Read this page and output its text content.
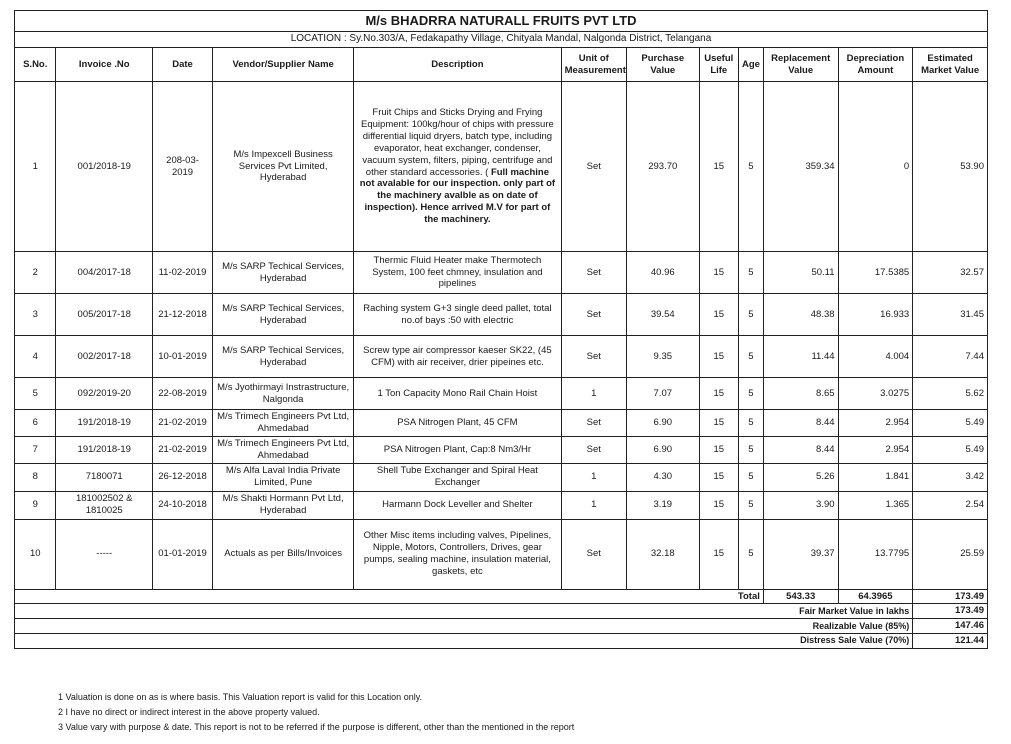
M/s BHADRRA NATURALL FRUITS PVT LTD											
LOCATION : Sy.No.303/A, Fedakapathy Village, Chityala Mandal, Nalgonda District, Telangana											
S.No.	Invoice .No	Date	Vendor/Supplier Name	Description	Unit of Measurement	Purchase Value	Useful Life	Age	Replacement Value	Depreciation Amount	Estimated Market Value
1	001/2018-19	208-03-2019	M/s Impexcell Business Services Pvt Limited, Hyderabad	Fruit Chips and Sticks Drying and Frying Equipment: 100kg/hour of chips with pressure differential liquid dryers, batch type, including evaporator, heat exchanger, condenser, vacuum system, filters, piping, centrifuge and other standard accessories. ( Full machine not avalable for our inspection. only part of the machinery avalble as on date of inspection). Hence arrived M.V for part of the machinery.	Set	293.70	15	5	359.34	0	53.90
2	004/2017-18	11-02-2019	M/s SARP Techical Services, Hyderabad	Thermic Fluid Heater make Thermotech System, 100 feet chmney, insulation and pipelines	Set	40.96	15	5	50.11	17.5385	32.57
3	005/2017-18	21-12-2018	M/s SARP Techical Services, Hyderabad	Raching system G+3 single deed pallet, total no.of bays :50 with electric	Set	39.54	15	5	48.38	16.933	31.45
4	002/2017-18	10-01-2019	M/s SARP Techical Services, Hyderabad	Screw type air compressor kaeser SK22, (45 CFM) with air receiver, drier pipeines etc.	Set	9.35	15	5	11.44	4.004	7.44
5	092/2019-20	22-08-2019	M/s Jyothirmayi Instrastructure, Nalgonda	1 Ton Capacity Mono Rail Chain Hoist	1	7.07	15	5	8.65	3.0275	5.62
6	191/2018-19	21-02-2019	M/s Trimech Engineers Pvt Ltd, Ahmedabad	PSA Nitrogen Plant, 45 CFM	Set	6.90	15	5	8.44	2.954	5.49
7	191/2018-19	21-02-2019	M/s Trimech Engineers Pvt Ltd, Ahmedabad	PSA Nitrogen Plant, Cap:8 Nm3/Hr	Set	6.90	15	5	8.44	2.954	5.49
8	7180071	26-12-2018	M/s Alfa Laval India Private Limited, Pune	Shell Tube Exchanger and Spiral Heat Exchanger	1	4.30	15	5	5.26	1.841	3.42
9	181002502 & 1810025	24-10-2018	M/s Shakti Hormann Pvt Ltd, Hyderabad	Harmann Dock Leveller and Shelter	1	3.19	15	5	3.90	1.365	2.54
10	-----	01-01-2019	Actuals as per Bills/Invoices	Other Misc items including valves, Pipelines, Nipple, Motors, Controllers, Drives, gear pumps, sealing machine, insulation material, gaskets, etc	Set	32.18	15	5	39.37	13.7795	25.59
Total									543.33	64.3965	173.49
Fair Market Value in lakhs											173.49
Realizable Value (85%)											147.46
Distress Sale Value (70%)											121.44
1 Valuation is done on as is where basis. This Valuation report is valid for this Location only.
2 I have no direct or indirect interest in the above property valued.
3 Value vary with purpose & date. This report is not to be referred if the purpose is different, other than the mentioned in the report
